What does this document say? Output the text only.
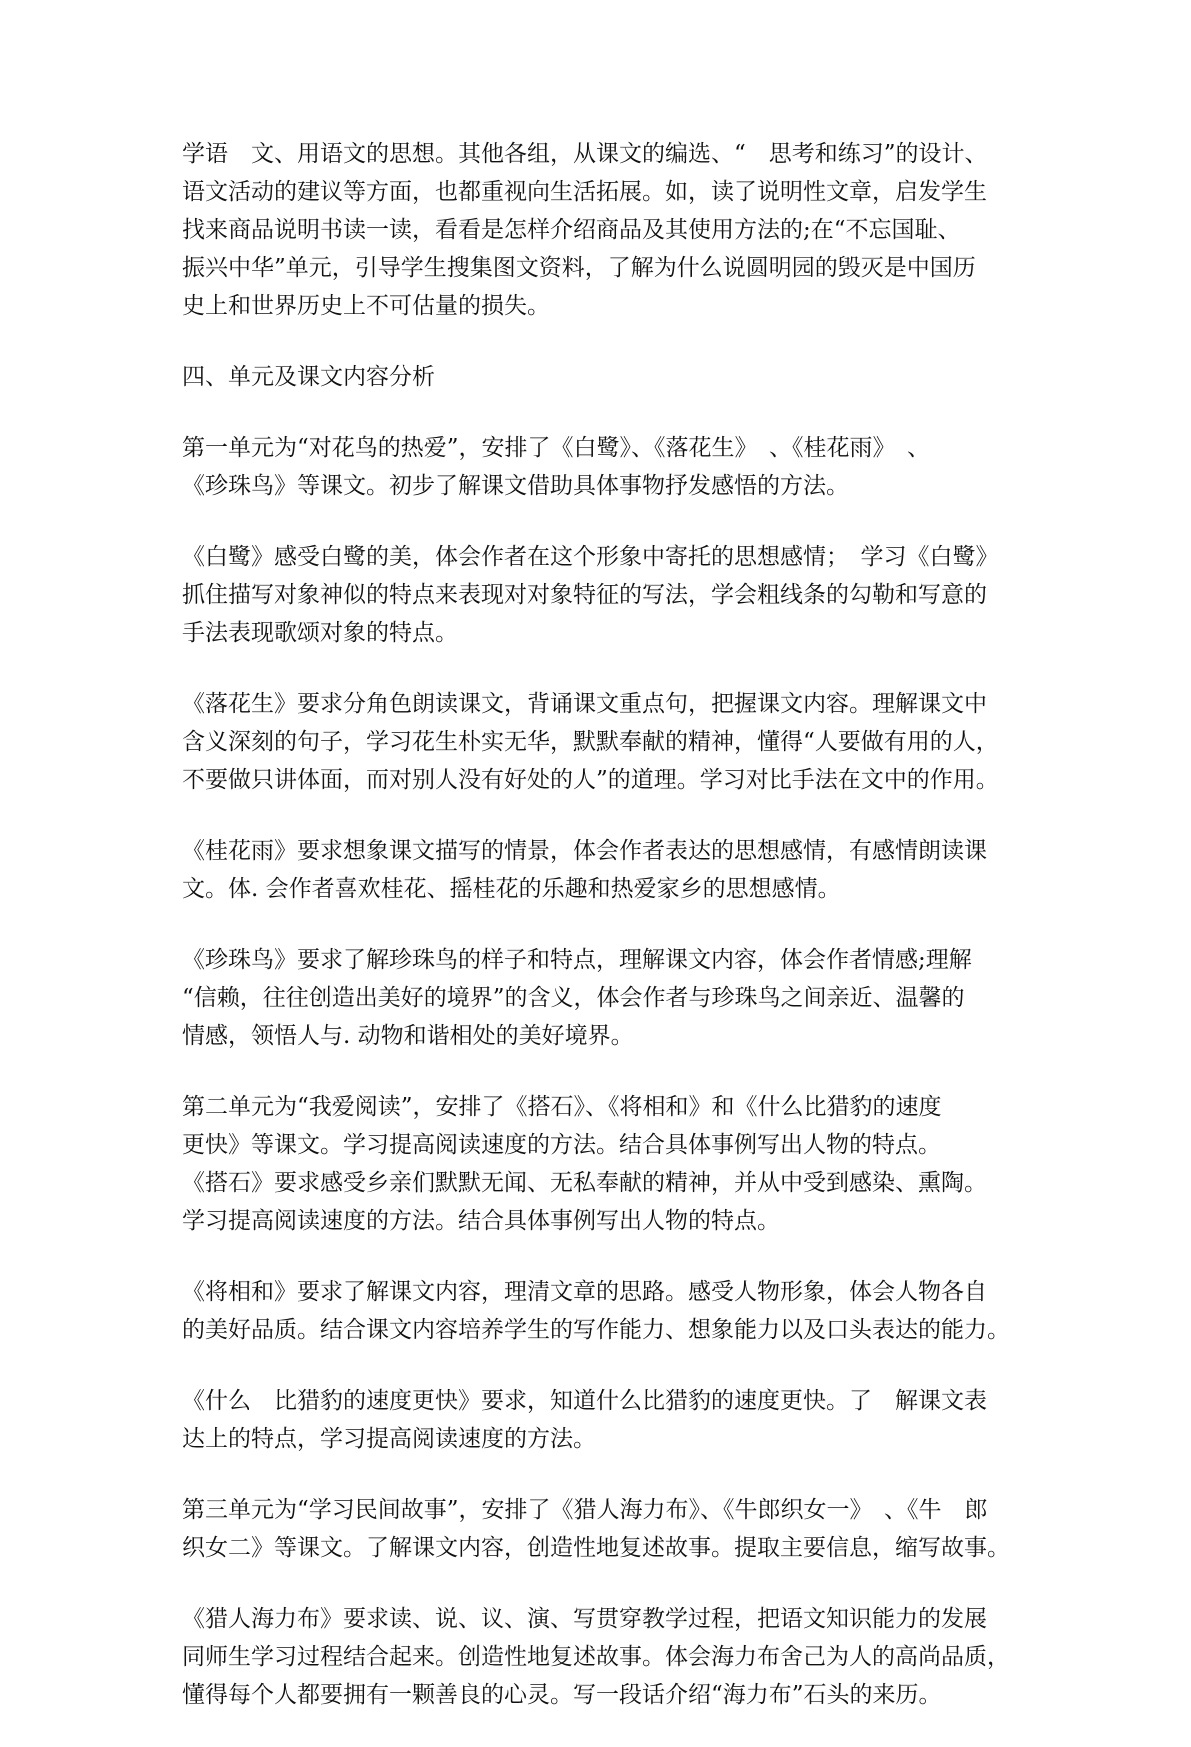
学语　文、用语文的思想。其他各组，从课文的编选、“　思考和练习”的设计、
语文活动的建议等方面，也都重视向生活拓展。如，读了说明性文章，启发学生
找来商品说明书读一读，看看是怎样介绍商品及其使用方法的;在“不忘国耻、
振兴中华”单元，引导学生搜集图文资料，了解为什么说圆明园的毁灭是中国历
史上和世界历史上不可估量的损失。

四、单元及课文内容分析

第一单元为“对花鸟的热爱”，安排了《白鹭》、《落花生》　、《桂花雨》　、
《珍珠鸟》等课文。初步了解课文借助具体事物抒发感悟的方法。

《白鹭》感受白鹭的美，体会作者在这个形象中寄托的思想感情；　学习《白鹭》
抓住描写对象神似的特点来表现对对象特征的写法，学会粗线条的勾勒和写意的
手法表现歌颂对象的特点。

《落花生》要求分角色朗读课文，背诵课文重点句，把握课文内容。理解课文中
含义深刻的句子，学习花生朴实无华，默默奉献的精神，懂得“人要做有用的人，
不要做只讲体面，而对别人没有好处的人”的道理。学习对比手法在文中的作用。

《桂花雨》要求想象课文描写的情景，体会作者表达的思想感情，有感情朗读课
文。体. 会作者喜欢桂花、摇桂花的乐趣和热爱家乡的思想感情。

《珍珠鸟》要求了解珍珠鸟的样子和特点，理解课文内容，体会作者情感;理解
“信赖，往往创造出美好的境界”的含义，体会作者与珍珠鸟之间亲近、温馨的
情感，领悟人与. 动物和谐相处的美好境界。

第二单元为“我爱阅读”，安排了《搭石》、《将相和》和《什么比猎豹的速度
更快》等课文。学习提高阅读速度的方法。结合具体事例写出人物的特点。
《搭石》要求感受乡亲们默默无闻、无私奉献的精神，并从中受到感染、熏陶。
学习提高阅读速度的方法。结合具体事例写出人物的特点。

《将相和》要求了解课文内容，理清文章的思路。感受人物形象，体会人物各自
的美好品质。结合课文内容培养学生的写作能力、想象能力以及口头表达的能力。

《什么　比猎豹的速度更快》要求，知道什么比猎豹的速度更快。了　解课文表
达上的特点，学习提高阅读速度的方法。

第三单元为“学习民间故事”，安排了《猎人海力布》、《牛郎织女一》　、《牛　郎
织女二》等课文。了解课文内容，创造性地复述故事。提取主要信息，缩写故事。

《猎人海力布》要求读、说、议、演、写贯穿教学过程，把语文知识能力的发展
同师生学习过程结合起来。创造性地复述故事。体会海力布舍己为人的高尚品质，
懂得每个人都要拥有一颗善良的心灵。写一段话介绍“海力布”石头的来历。
